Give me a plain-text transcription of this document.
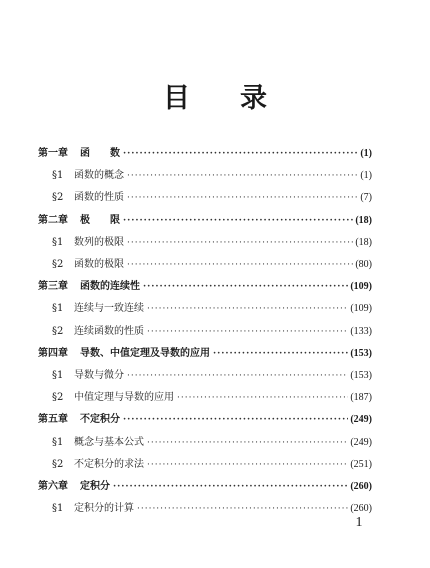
目 录
第一章	函　　数 ·····	(1)
§1	函数的概念 ·····	(1)
§2	函数的性质 ·····	(7)
第二章	极　　限 ·····	(18)
§1	数列的极限 ·····	(18)
§2	函数的极限 ·····	(80)
第三章	函数的连续性 ·····	(109)
§1	连续与一致连续 ·····	(109)
§2	连续函数的性质 ·····	(133)
第四章	导数、中值定理及导数的应用 ·····	(153)
§1	导数与微分 ·····	(153)
§2	中值定理与导数的应用 ·····	(187)
第五章	不定积分 ·····	(249)
§1	概念与基本公式 ·····	(249)
§2	不定积分的求法 ·····	(251)
第六章	定积分 ·····	(260)
§1	定积分的计算 ·····	(260)
1
